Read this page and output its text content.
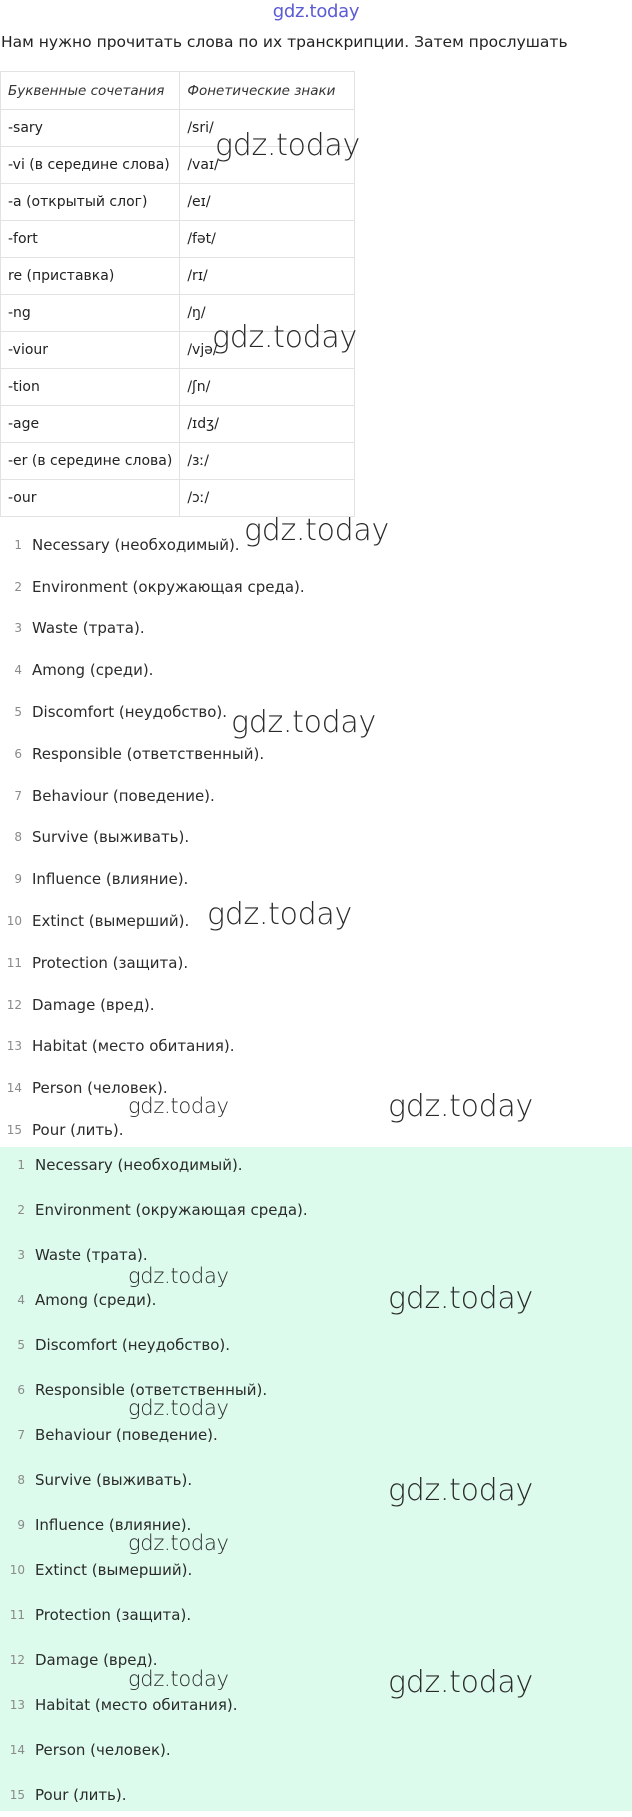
gdz.today
Нам нужно прочитать слова по их транскрипции. Затем прослушать
Буквенные сочетания	Фонетические знаки
-sary	/sri/
-vi (в середине слова)	/vaɪ/
-a (открытый слог)	/eɪ/
-fort	/fət/
re (приставка)	/rɪ/
-ng	/ŋ/
-viour	/vjə/
-tion	/ʃn/
-age	/ɪdʒ/
-er (в середине слова)	/ɜː/
-our	/ɔː/
1 Necessary (необходимый).
2 Environment (окружающая среда).
3 Waste (трата).
4 Among (среди).
5 Discomfort (неудобство).
6 Responsible (ответственный).
7 Behaviour (поведение).
8 Survive (выживать).
9 Influence (влияние).
10 Extinct (вымерший).
11 Protection (защита).
12 Damage (вред).
13 Habitat (место обитания).
14 Person (человек).
15 Pour (лить).
1 Necessary (необходимый).
2 Environment (окружающая среда).
3 Waste (трата).
4 Among (среди).
5 Discomfort (неудобство).
6 Responsible (ответственный).
7 Behaviour (поведение).
8 Survive (выживать).
9 Influence (влияние).
10 Extinct (вымерший).
11 Protection (защита).
12 Damage (вред).
13 Habitat (место обитания).
14 Person (человек).
15 Pour (лить).
gdz.today
gdz.today
gdz.today
gdz.today
gdz.today
gdz.today
gdz.today
gdz.today
gdz.today
gdz.today
gdz.today
gdz.today
gdz.today	gdz.today
